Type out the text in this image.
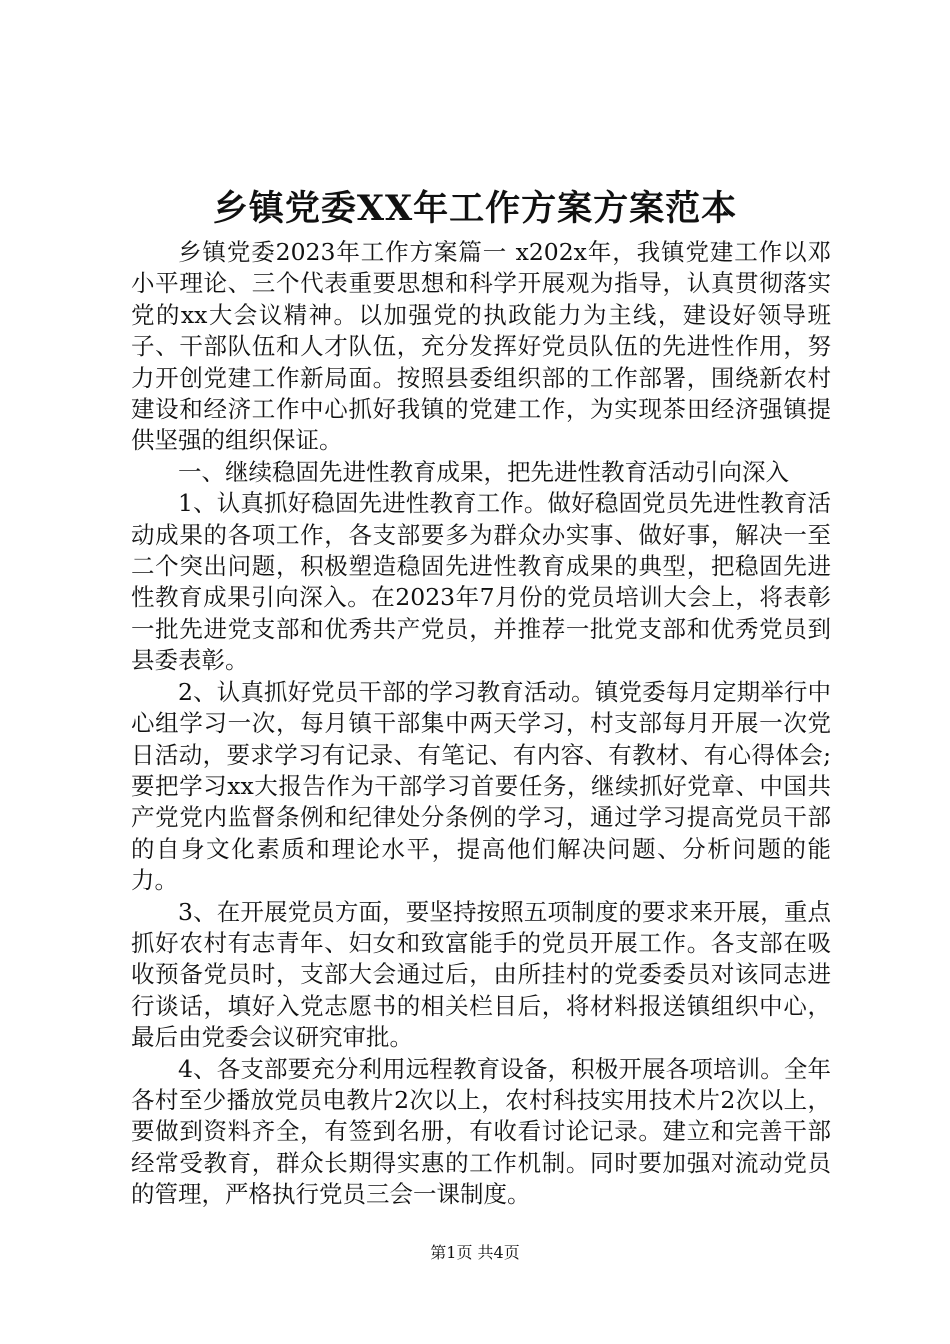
乡镇党委XX年工作方案方案范本

乡镇党委2023年工作方案篇一 x202x年，我镇党建工作以邓小平理论、三个代表重要思想和科学开展观为指导，认真贯彻落实党的xx大会议精神。以加强党的执政能力为主线，建设好领导班子、干部队伍和人才队伍，充分发挥好党员队伍的先进性作用，努力开创党建工作新局面。按照县委组织部的工作部署，围绕新农村建设和经济工作中心抓好我镇的党建工作，为实现茶田经济强镇提供坚强的组织保证。

一、继续稳固先进性教育成果，把先进性教育活动引向深入

1、认真抓好稳固先进性教育工作。做好稳固党员先进性教育活动成果的各项工作，各支部要多为群众办实事、做好事，解决一至二个突出问题，积极塑造稳固先进性教育成果的典型，把稳固先进性教育成果引向深入。在2023年7月份的党员培训大会上，将表彰一批先进党支部和优秀共产党员，并推荐一批党支部和优秀党员到县委表彰。

2、认真抓好党员干部的学习教育活动。镇党委每月定期举行中心组学习一次，每月镇干部集中两天学习，村支部每月开展一次党日活动，要求学习有记录、有笔记、有内容、有教材、有心得体会;要把学习xx大报告作为干部学习首要任务，继续抓好党章、中国共产党党内监督条例和纪律处分条例的学习，通过学习提高党员干部的自身文化素质和理论水平，提高他们解决问题、分析问题的能力。

3、在开展党员方面，要坚持按照五项制度的要求来开展，重点抓好农村有志青年、妇女和致富能手的党员开展工作。各支部在吸收预备党员时，支部大会通过后，由所挂村的党委委员对该同志进行谈话，填好入党志愿书的相关栏目后，将材料报送镇组织中心，最后由党委会议研究审批。

4、各支部要充分利用远程教育设备，积极开展各项培训。全年各村至少播放党员电教片2次以上，农村科技实用技术片2次以上，要做到资料齐全，有签到名册，有收看讨论记录。建立和完善干部经常受教育，群众长期得实惠的工作机制。同时要加强对流动党员的管理，严格执行党员三会一课制度。

第1页 共4页
